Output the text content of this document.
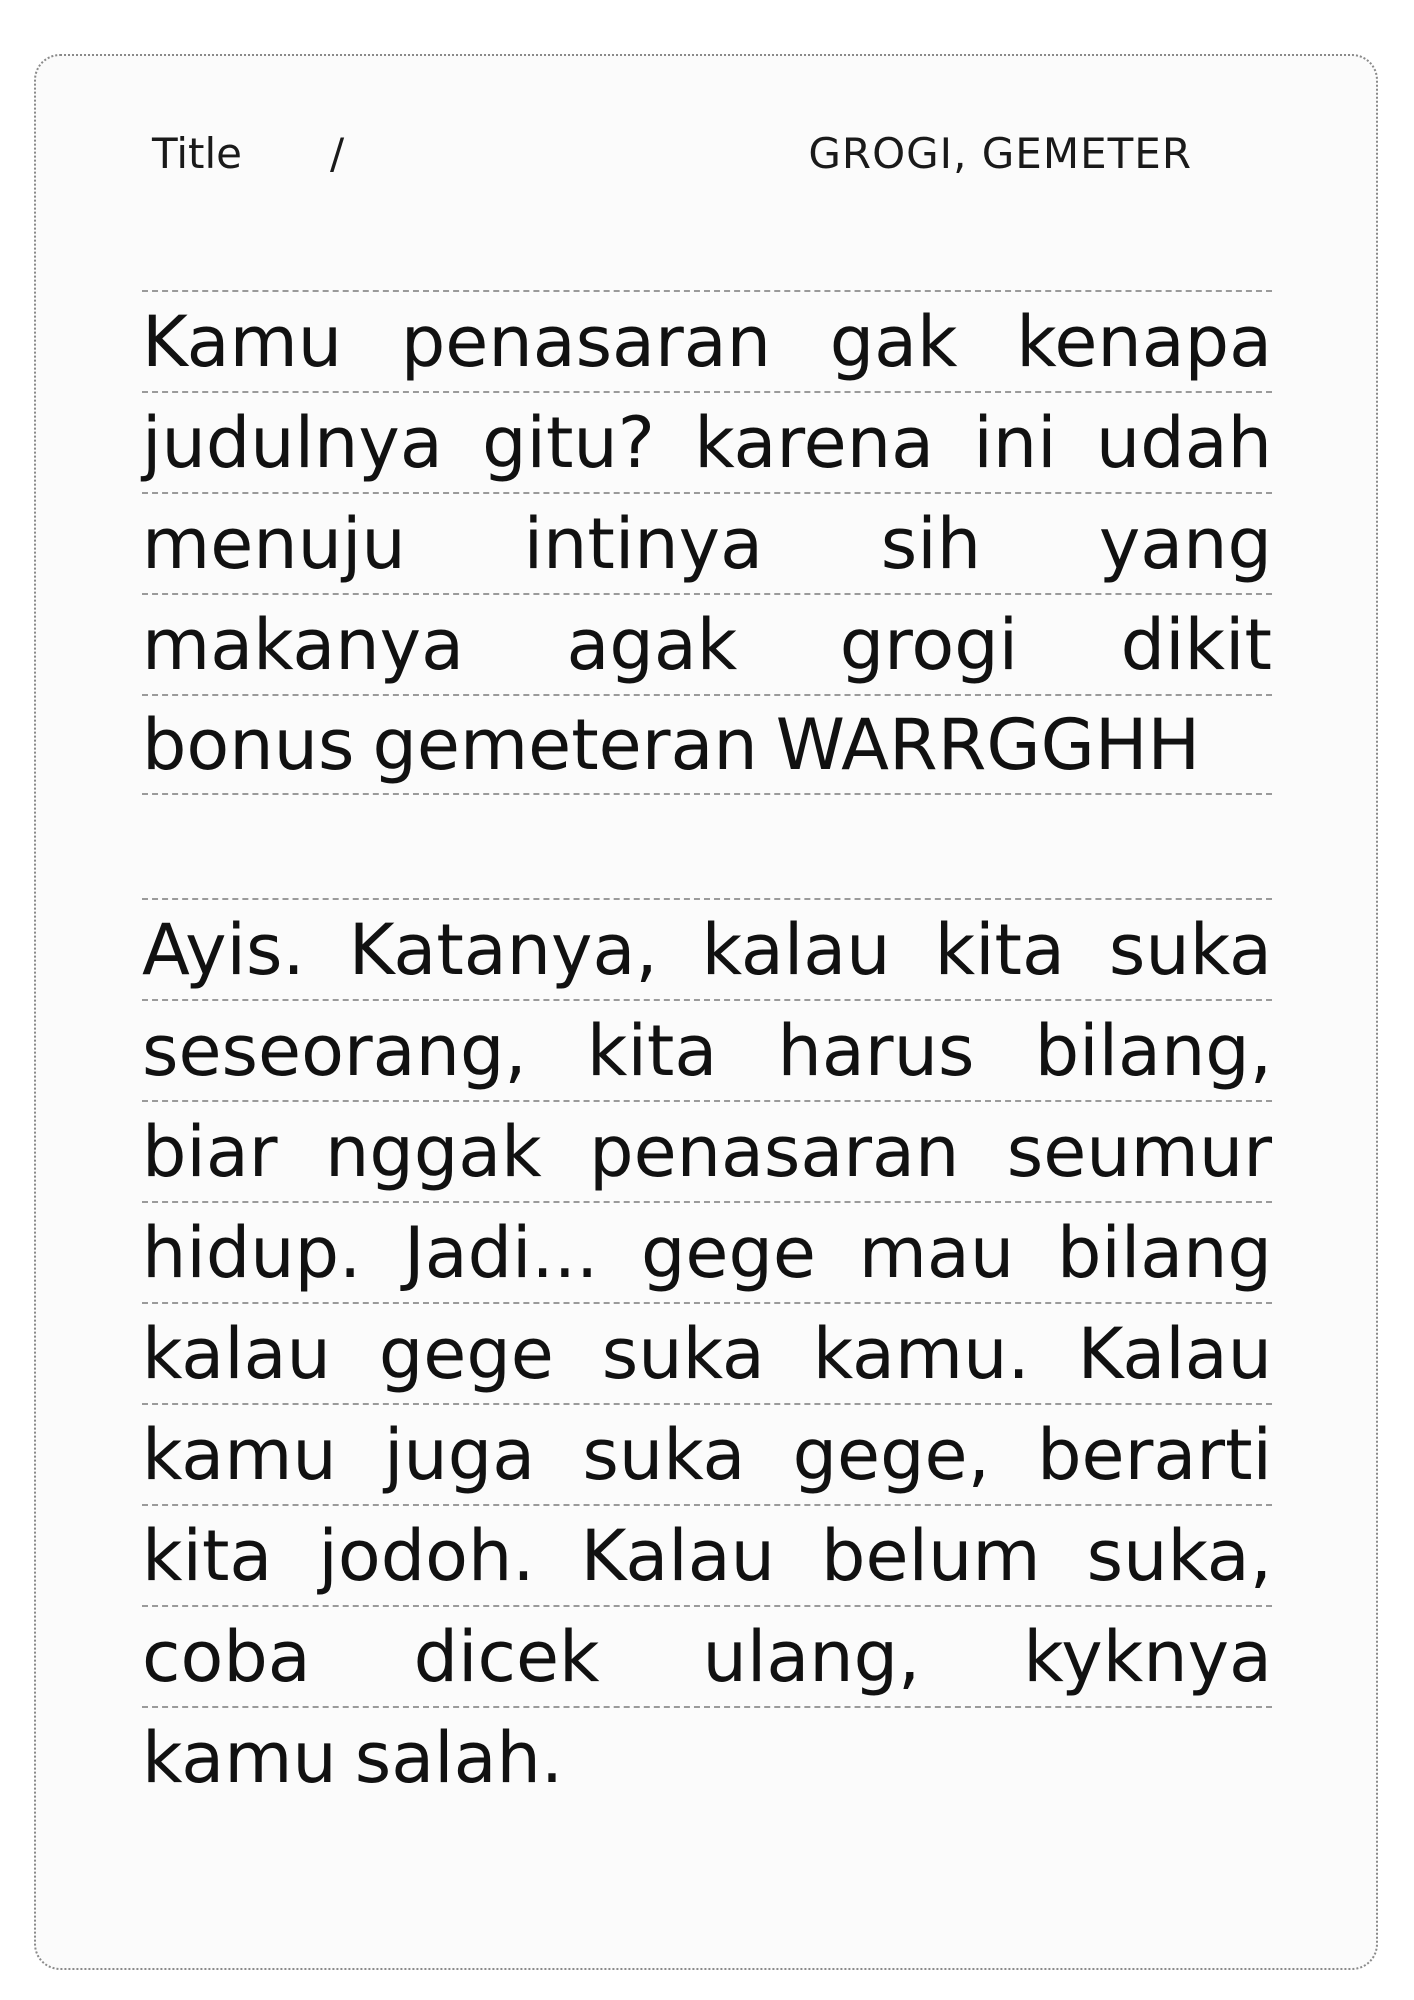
Title /	GROGI, GEMETER
Kamu penasaran gak kenapa
judulnya gitu? karena ini udah
menuju intinya sih yang
makanya agak grogi dikit
bonus gemeteran WARRGGHH
Ayis. Katanya, kalau kita suka
seseorang, kita harus bilang,
biar nggak penasaran seumur
hidup. Jadi... gege mau bilang
kalau gege suka kamu. Kalau
kamu juga suka gege, berarti
kita jodoh. Kalau belum suka,
coba dicek ulang, kyknya
kamu salah.
